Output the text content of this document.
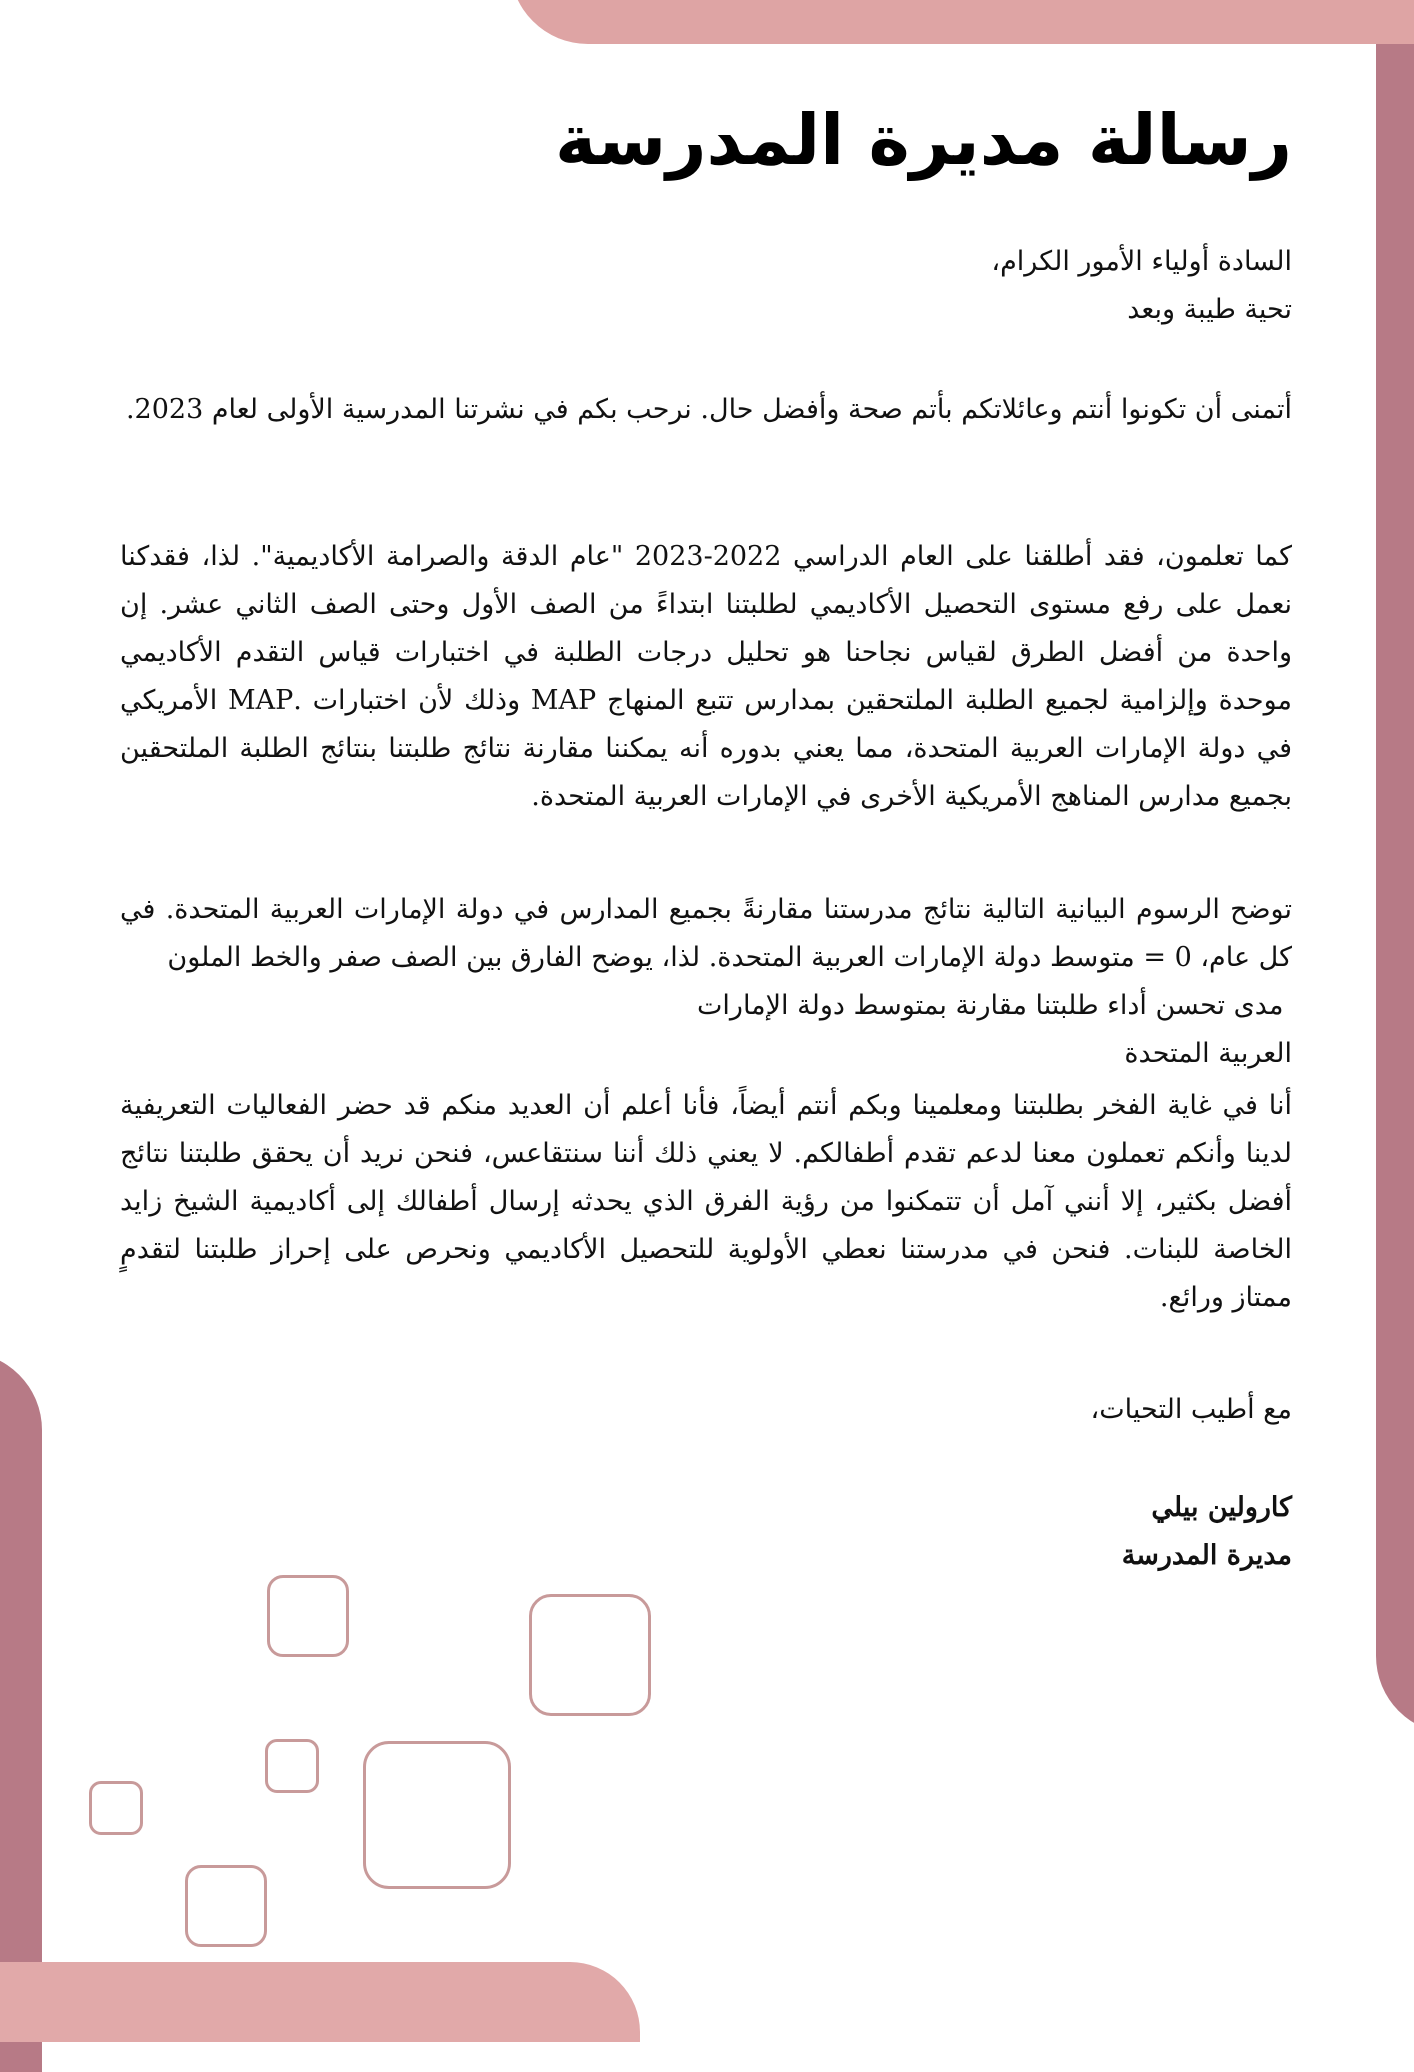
رسالة مديرة المدرسة
السادة أولياء الأمور الكرام،
تحية طيبة وبعد

أتمنى أن تكونوا أنتم وعائلاتكم بأتم صحة وأفضل حال. نرحب بكم في نشرتنا المدرسية الأولى لعام 2023.

كما تعلمون، فقد أطلقنا على العام الدراسي 2022-2023 "عام الدقة والصرامة الأكاديمية". لذا، فقدكنا نعمل على رفع مستوى التحصيل الأكاديمي لطلبتنا ابتداءً من الصف الأول وحتى الصف الثاني عشر. إن واحدة من أفضل الطرق لقياس نجاحنا هو تحليل درجات الطلبة في اختبارات قياس التقدم الأكاديمي موحدة وإلزامية لجميع الطلبة الملتحقين بمدارس تتبع المنهاج MAP وذلك لأن اختبارات .MAP الأمريكي في دولة الإمارات العربية المتحدة، مما يعني بدوره أنه يمكننا مقارنة نتائج طلبتنا بنتائج الطلبة الملتحقين بجميع مدارس المناهج الأمريكية الأخرى في الإمارات العربية المتحدة.

توضح الرسوم البيانية التالية نتائج مدرستنا مقارنةً بجميع المدارس في دولة الإمارات العربية المتحدة. في كل عام، 0 = متوسط دولة الإمارات العربية المتحدة. لذا، يوضح الفارق بين الصف صفر والخط الملون
مدى تحسن أداء طلبتنا مقارنة بمتوسط دولة الإمارات
العربية المتحدة

أنا في غاية الفخر بطلبتنا ومعلمينا وبكم أنتم أيضاً، فأنا أعلم أن العديد منكم قد حضر الفعاليات التعريفية لدينا وأنكم تعملون معنا لدعم تقدم أطفالكم. لا يعني ذلك أننا سنتقاعس، فنحن نريد أن يحقق طلبتنا نتائج أفضل بكثير، إلا أنني آمل أن تتمكنوا من رؤية الفرق الذي يحدثه إرسال أطفالك إلى أكاديمية الشيخ زايد الخاصة للبنات. فنحن في مدرستنا نعطي الأولوية للتحصيل الأكاديمي ونحرص على إحراز طلبتنا لتقدمٍ ممتاز ورائع.

مع أطيب التحيات،
كارولين بيلي
مديرة المدرسة
